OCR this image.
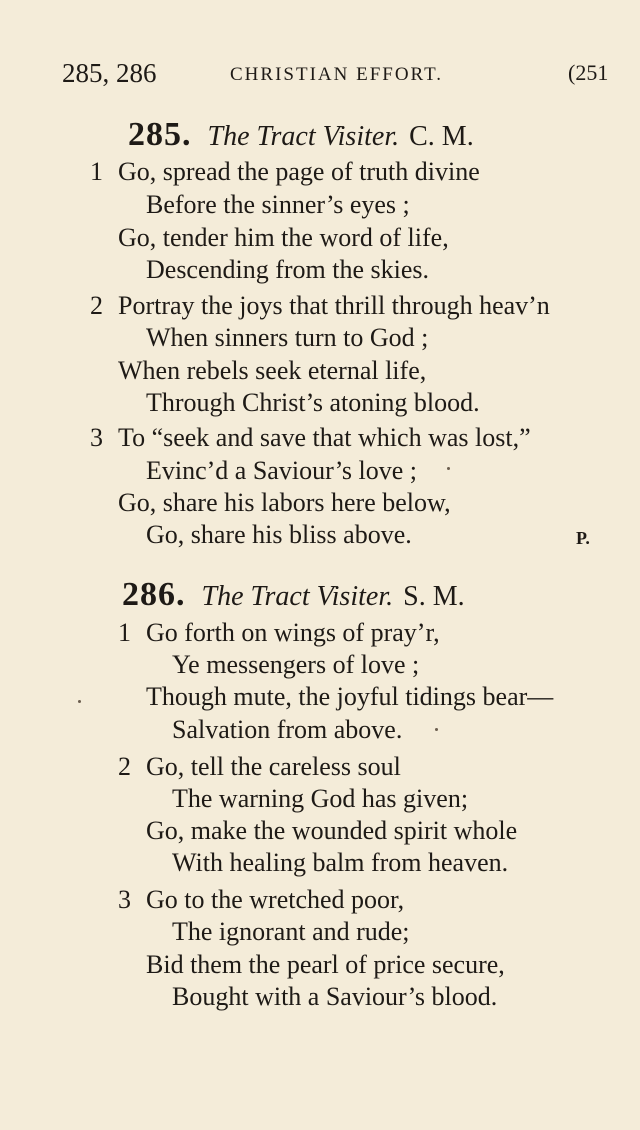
285, 286	CHRISTIAN EFFORT.	(251
285. The Tract Visiter. C. M.
1 Go, spread the page of truth divine
Before the sinner’s eyes ;
Go, tender him the word of life,
Descending from the skies.
2 Portray the joys that thrill through heav’n
When sinners turn to God ;
When rebels seek eternal life,
Through Christ’s atoning blood.
3 To “seek and save that which was lost,”
Evinc’d a Saviour’s love ;
Go, share his labors here below,
Go, share his bliss above.	P.
286. The Tract Visiter. S. M.
1 Go forth on wings of pray’r,
Ye messengers of love ;
Though mute, the joyful tidings bear—
Salvation from above.
2 Go, tell the careless soul
The warning God has given;
Go, make the wounded spirit whole
With healing balm from heaven.
3 Go to the wretched poor,
The ignorant and rude;
Bid them the pearl of price secure,
Bought with a Saviour’s blood.
